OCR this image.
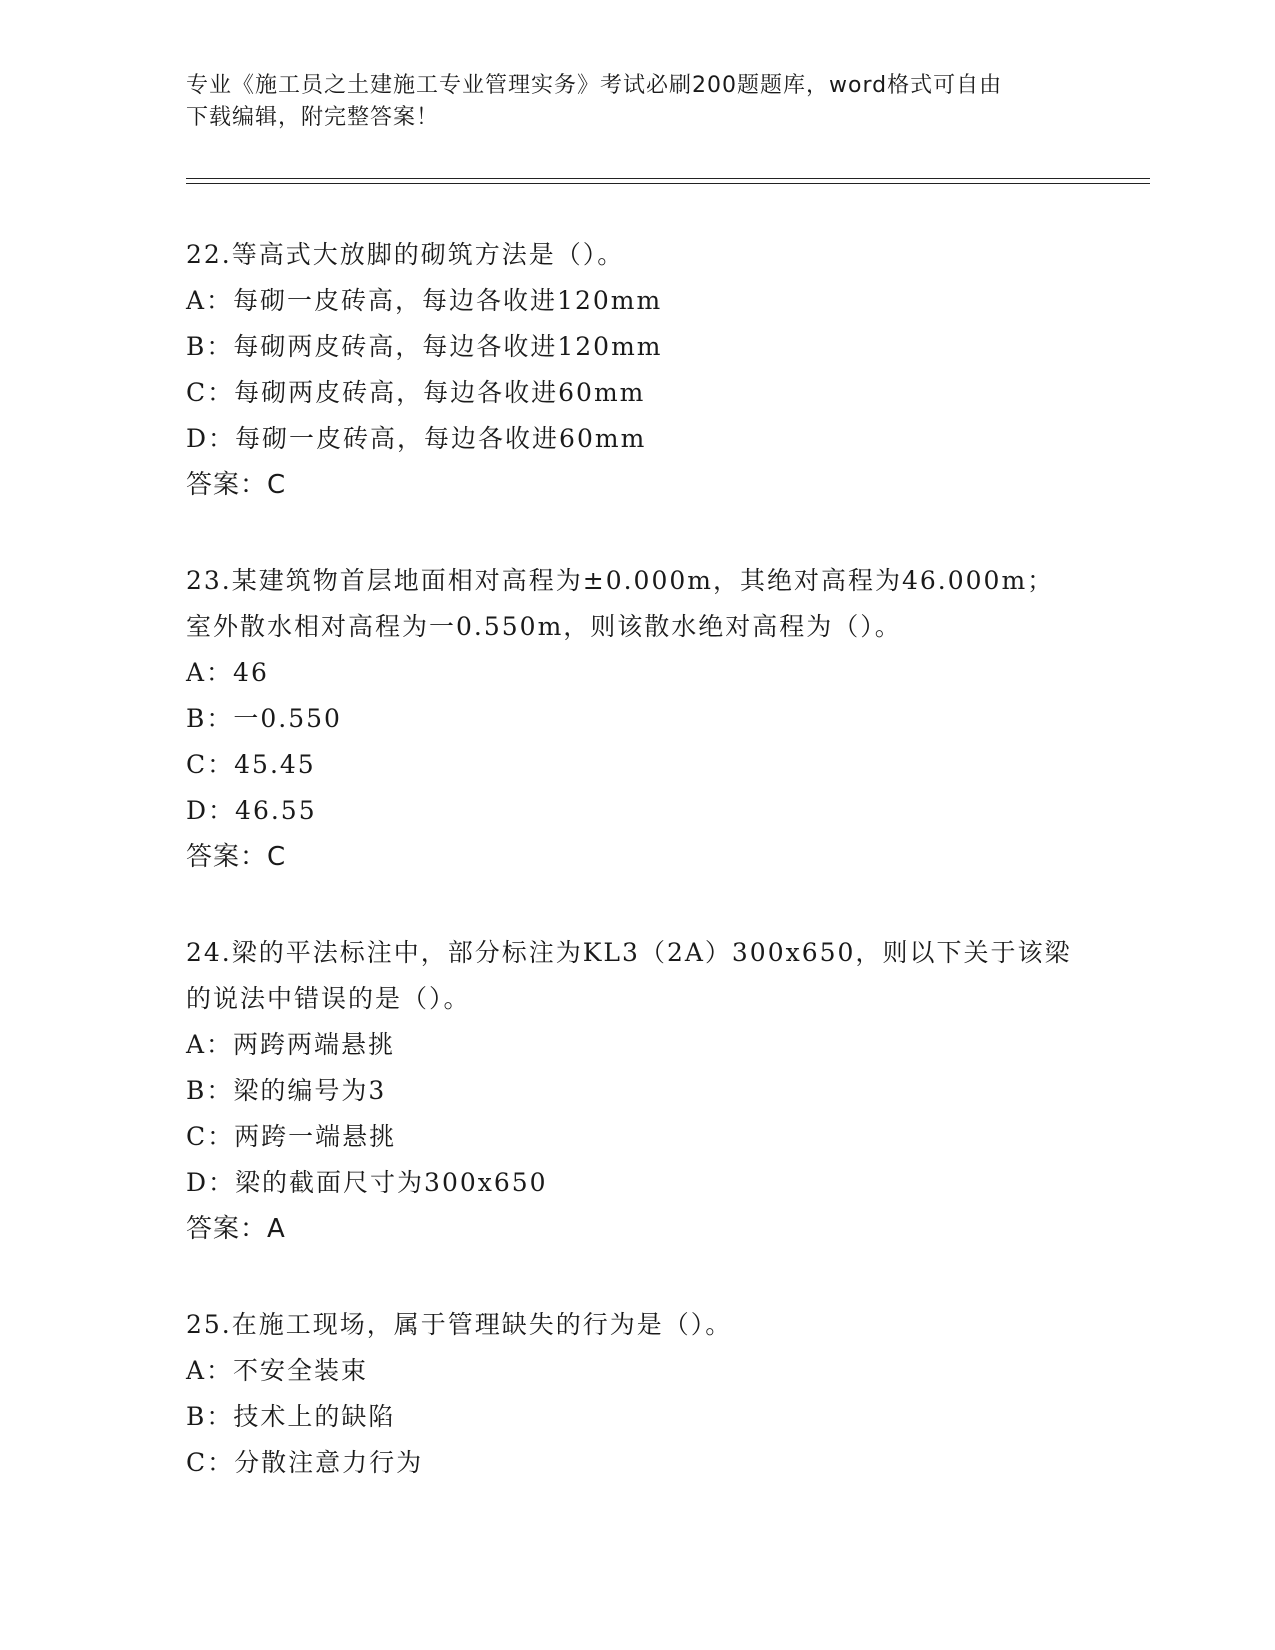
专业《施工员之土建施工专业管理实务》考试必刷200题题库，word格式可自由
下载编辑，附完整答案！
22.等高式大放脚的砌筑方法是（）。
A：每砌一皮砖高，每边各收进120mm
B：每砌两皮砖高，每边各收进120mm
C：每砌两皮砖高，每边各收进60mm
D：每砌一皮砖高，每边各收进60mm
答案：C
23.某建筑物首层地面相对高程为±0.000m，其绝对高程为46.000m；
室外散水相对高程为一0.550m，则该散水绝对高程为（）。
A：46
B：一0.550
C：45.45
D：46.55
答案：C
24.梁的平法标注中，部分标注为KL3（2A）300x650，则以下关于该梁
的说法中错误的是（）。
A：两跨两端悬挑
B：梁的编号为3
C：两跨一端悬挑
D：梁的截面尺寸为300x650
答案：A
25.在施工现场，属于管理缺失的行为是（）。
A：不安全装束
B：技术上的缺陷
C：分散注意力行为
